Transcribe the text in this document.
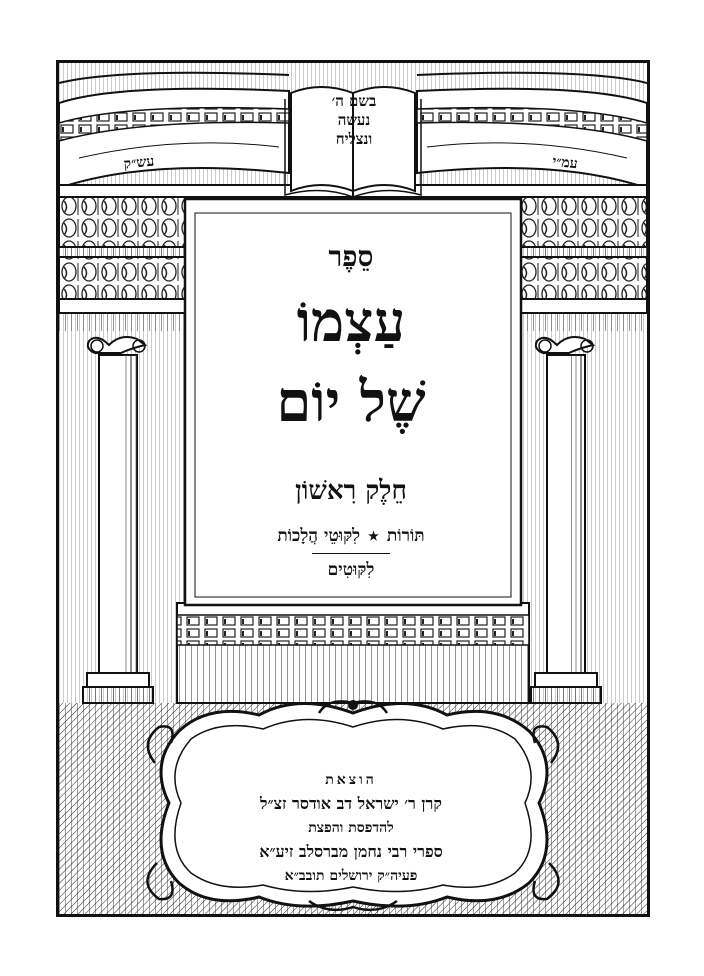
בשם ה׳
נעשה
ונצליח
עש״ק	עמ״י
סֵפֶר
עַצְמוֹ
שֶׁל יוֹם
חֵלֶק רִאשׁוֹן
תּוֹרוֹת
★
לִקּוּטֵי הֲלָכוֹת
לִקּוּטִים
הוצאת
קרן ר׳ ישראל דב אודסר זצ״ל
להדפסת והפצת
ספרי רבי נחמן מברסלב זיע״א
פעיה״ק ירושלים תובב״א
